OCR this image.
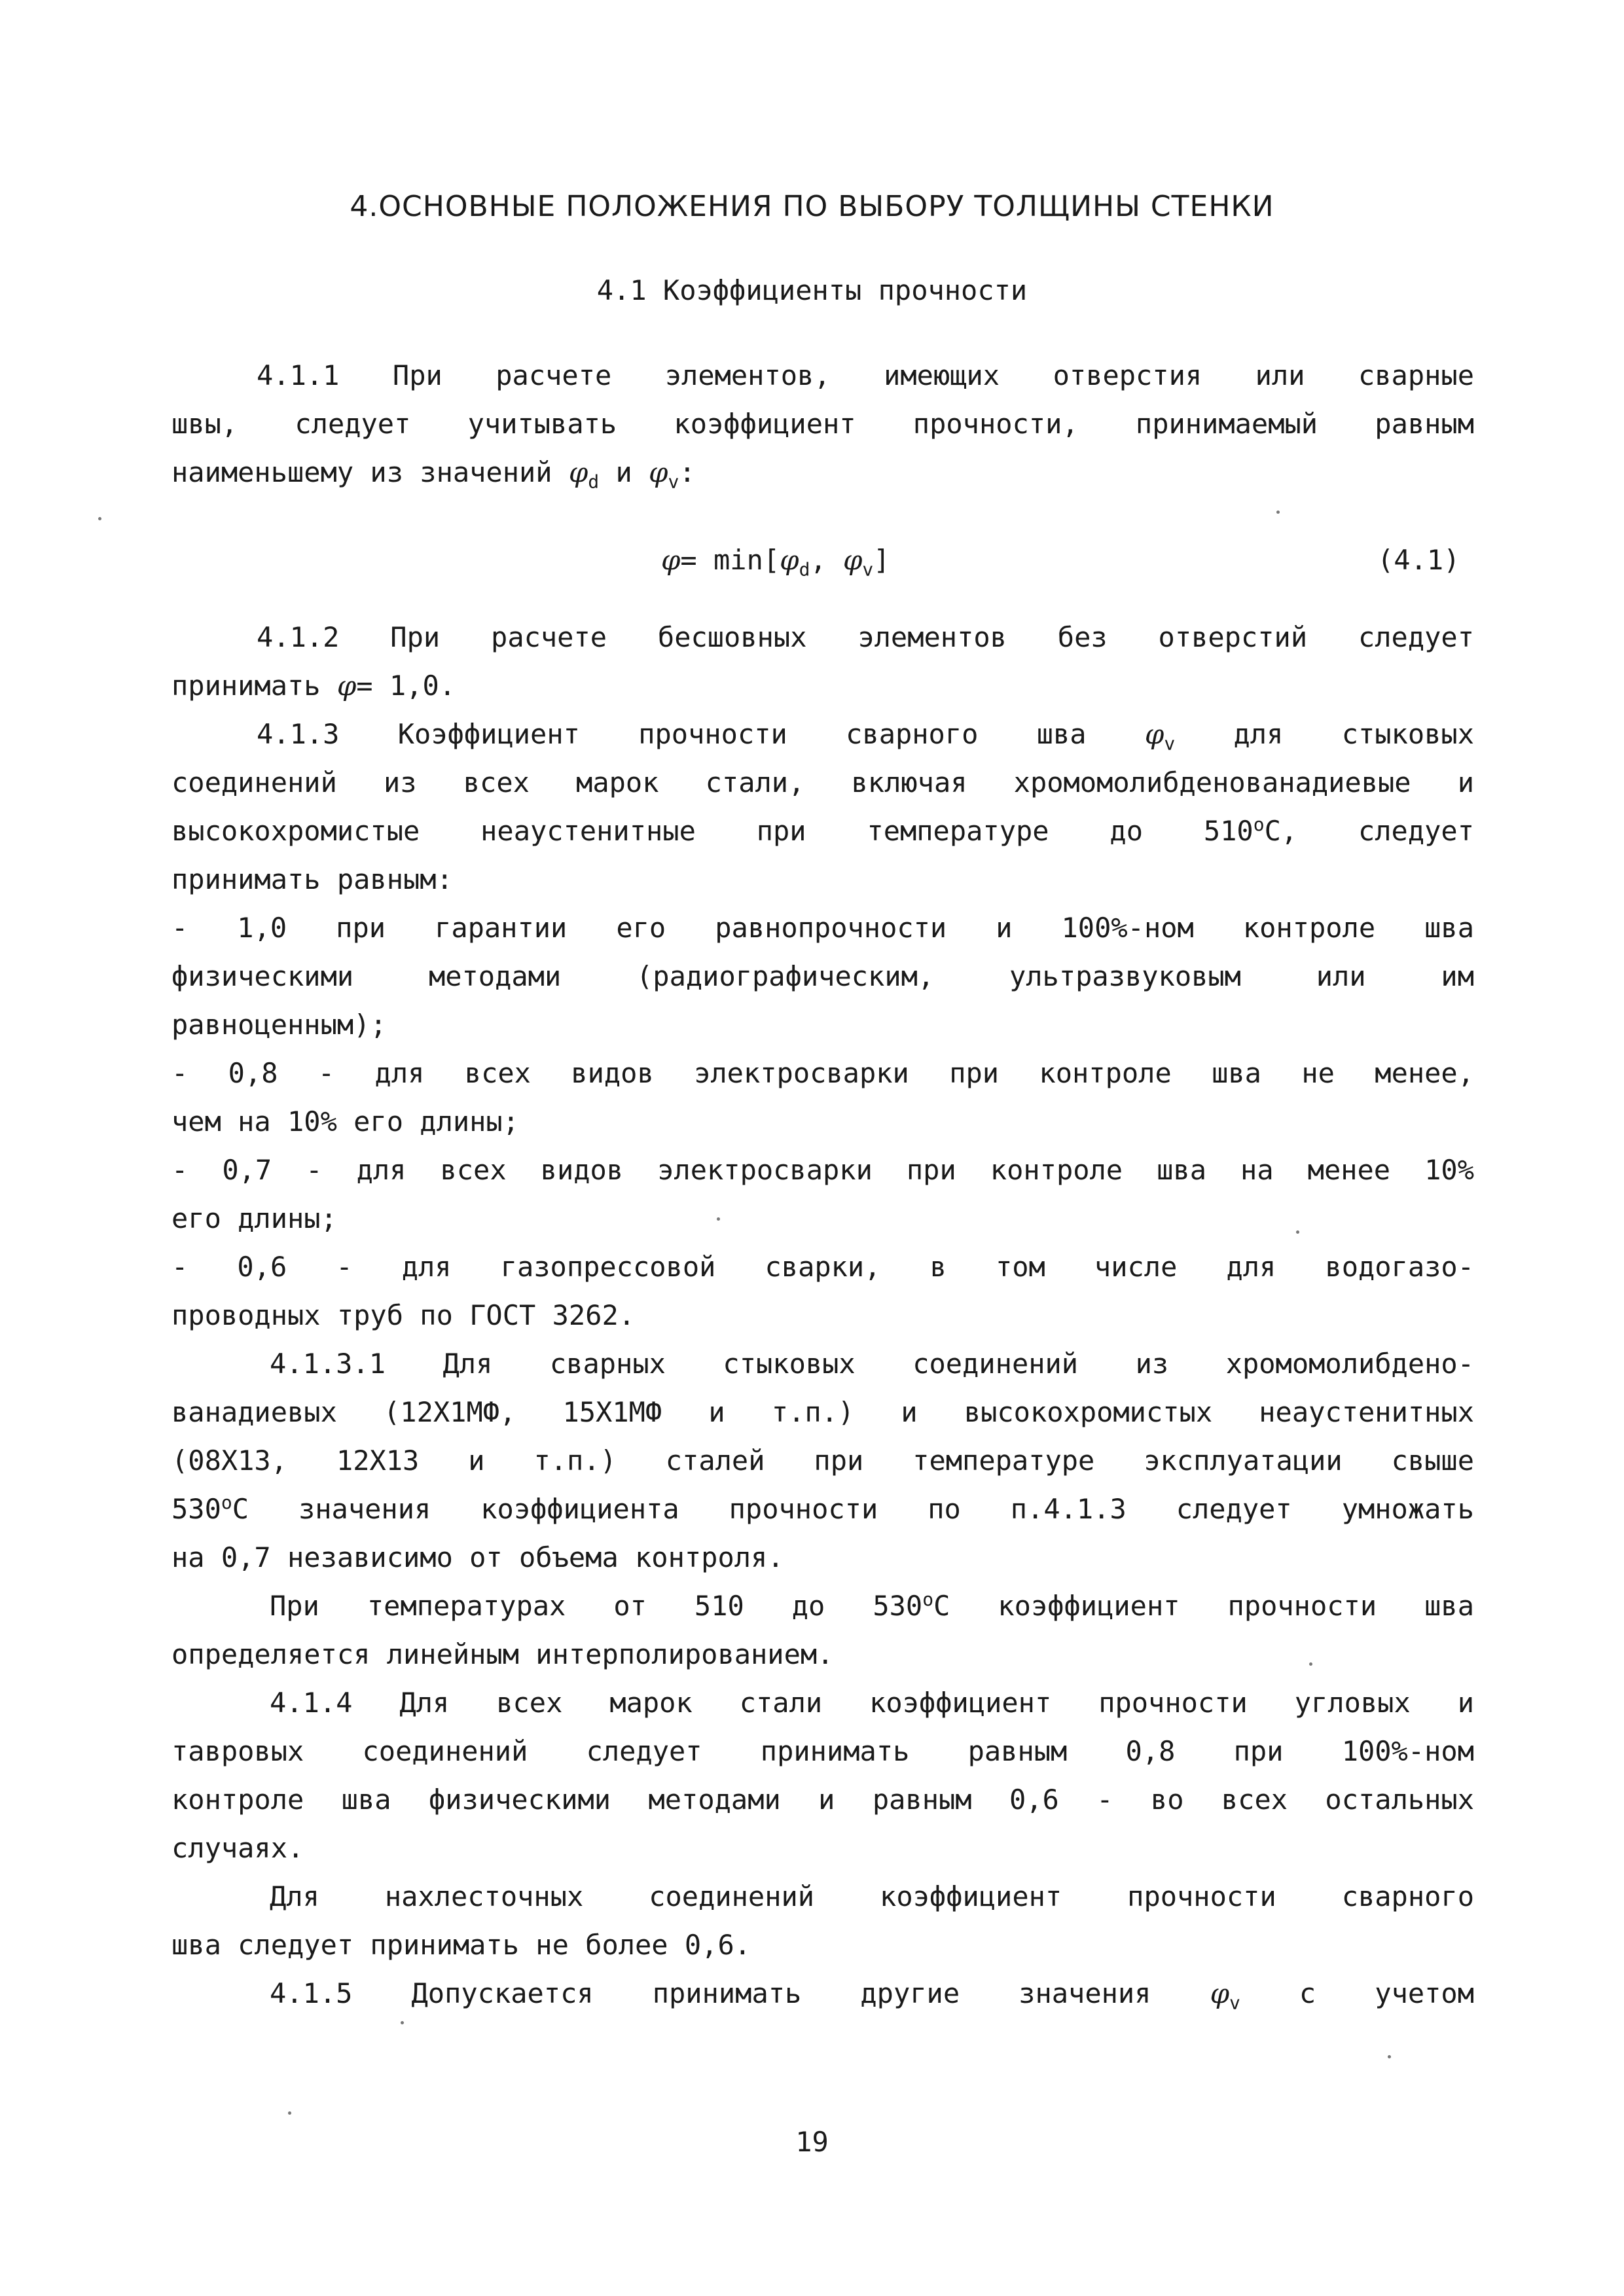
4.ОСНОВНЫЕ ПОЛОЖЕНИЯ ПО ВЫБОРУ ТОЛЩИНЫ СТЕНКИ
4.1 Коэффициенты прочности
4.1.1 При расчете элементов, имеющих отверстия или сварные
швы, следует учитывать коэффициент прочности, принимаемый равным
наименьшему из значений $\varphi_d$ и $\varphi_v$:
$\varphi= \min[\varphi_d$, $\varphi_v$]	(4.1)
4.1.2 При расчете бесшовных элементов без отверстий следует
принимать φ= 1,0.
4.1.3 Коэффициент прочности сварного шва $\varphi_v$ для стыковых
соединений из всех марок стали, включая хромомолибденованадиевые и
высокохромистые неаустенитные при температуре до $510^оС$, следует
принимать равным:
- 1,0 при гарантии его равнопрочности и 100%-ном контроле шва
физическими методами (радиографическим, ультразвуковым или им
равноценным);
- 0,8 - для всех видов электросварки при контроле шва не менее,
чем на 10% его длины;
- 0,7 - для всех видов электросварки при контроле шва на менее 10%
его длины;
- 0,6 - для газопрессовой сварки, в том числе для водогазо-
проводных труб по ГОСТ 3262.
4.1.3.1 Для сварных стыковых соединений из хромомолибдено-
ванадиевых (12Х1МФ, 15Х1МФ и т.п.) и высокохромистых неаустенитных
(08Х13, 12Х13 и т.п.) сталей при температуре эксплуатации свыше
$530^оС$ значения коэффициента прочности по п.4.1.3 следует умножать
на 0,7 независимо от объема контроля.
При температурах от 510 до $530^оС$ коэффициент прочности шва
определяется линейным интерполированием.
4.1.4 Для всех марок стали коэффициент прочности угловых и
тавровых соединений следует принимать равным 0,8 при 100%-ном
контроле шва физическими методами и равным 0,6 - во всех остальных
случаях.
Для нахлесточных соединений коэффициент прочности сварного
шва следует принимать не более 0,6.
4.1.5 Допускается принимать другие значения $\varphi_v$ с учетом
19
